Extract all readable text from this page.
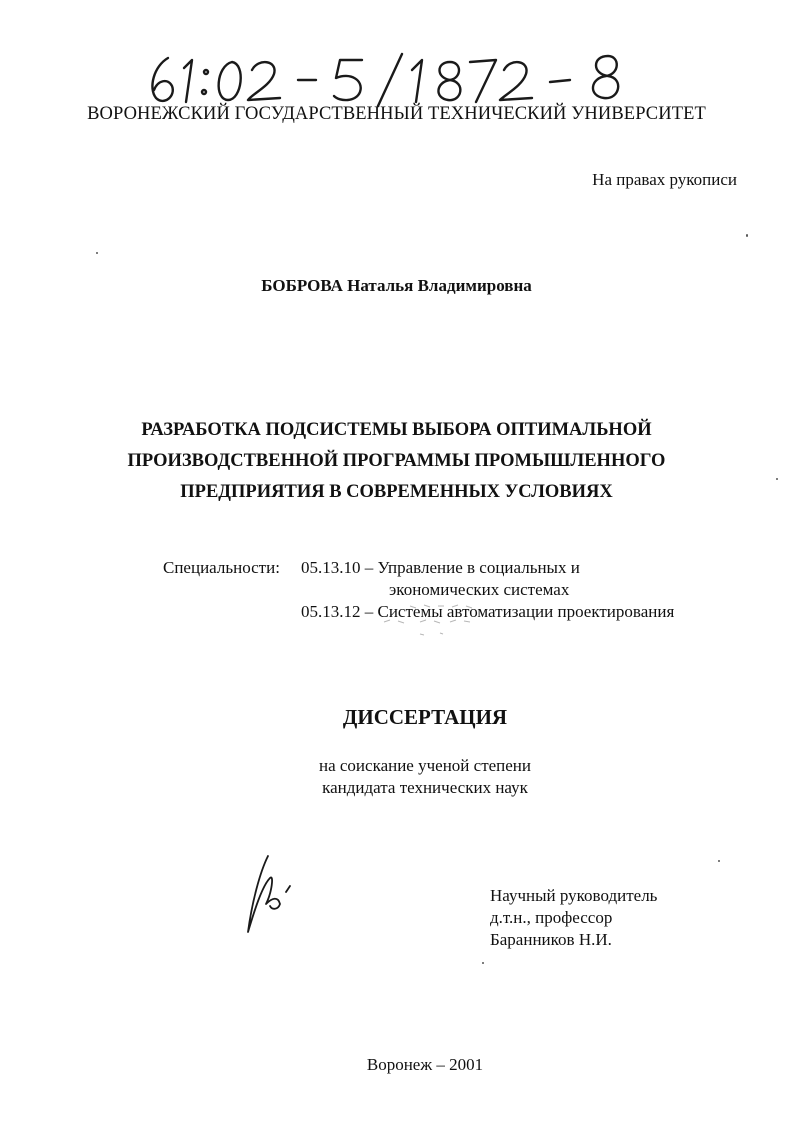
ВОРОНЕЖСКИЙ ГОСУДАРСТВЕННЫЙ ТЕХНИЧЕСКИЙ УНИВЕРСИТЕТ
На правах рукописи
БОБРОВА Наталья Владимировна
РАЗРАБОТКА ПОДСИСТЕМЫ ВЫБОРА ОПТИМАЛЬНОЙ
ПРОИЗВОДСТВЕННОЙ ПРОГРАММЫ ПРОМЫШЛЕННОГО
ПРЕДПРИЯТИЯ В СОВРЕМЕННЫХ УСЛОВИЯХ
Специальности: 05.13.10 – Управление в социальных и
экономических системах
05.13.12 – Системы автоматизации проектирования
ДИССЕРТАЦИЯ
на соискание ученой степени
кандидата технических наук
Научный руководитель
д.т.н., профессор
Баранников Н.И.
Воронеж – 2001
